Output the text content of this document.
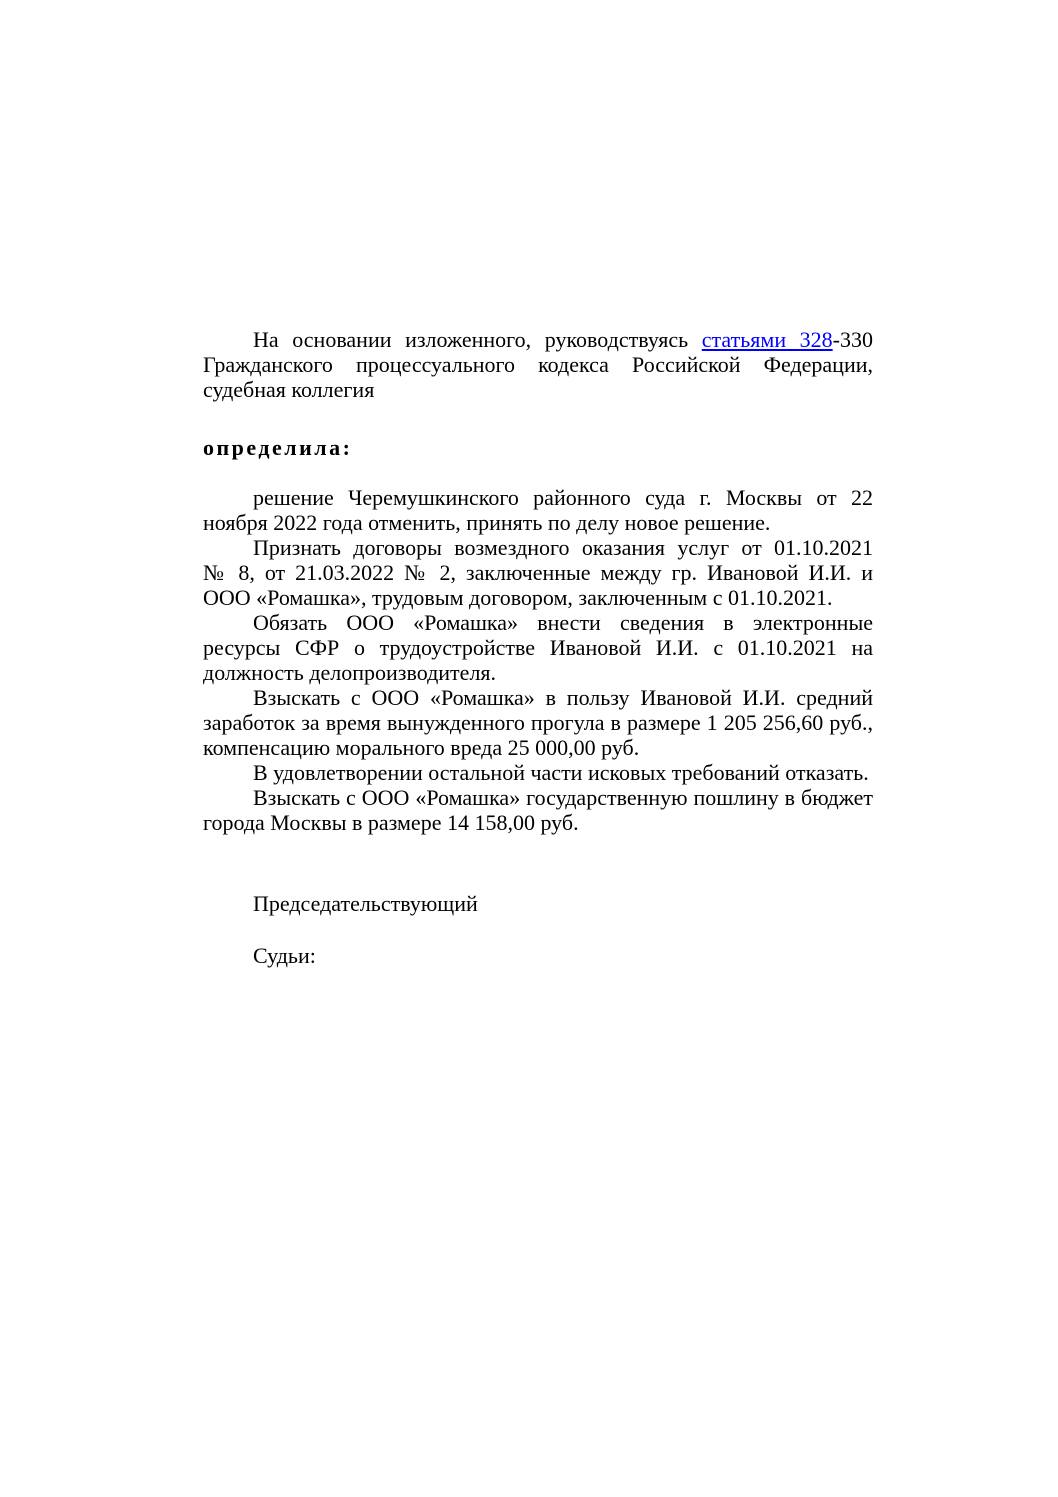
На основании изложенного, руководствуясь статьями 328-330 Гражданского процессуального кодекса Российской Федерации, судебная коллегия

определила:

решение Черемушкинского районного суда г. Москвы от 22 ноября 2022 года отменить, принять по делу новое решение.

Признать договоры возмездного оказания услуг от 01.10.2021 № 8, от 21.03.2022 № 2, заключенные между гр. Ивановой И.И. и ООО «Ромашка», трудовым договором, заключенным с 01.10.2021.

Обязать ООО «Ромашка» внести сведения в электронные ресурсы СФР о трудоустройстве Ивановой И.И. с 01.10.2021 на должность делопроизводителя.

Взыскать с ООО «Ромашка» в пользу Ивановой И.И. средний заработок за время вынужденного прогула в размере 1 205 256,60 руб., компенсацию морального вреда 25 000,00 руб.

В удовлетворении остальной части исковых требований отказать.

Взыскать с ООО «Ромашка» государственную пошлину в бюджет города Москвы в размере 14 158,00 руб.

Председательствующий

Судьи:
